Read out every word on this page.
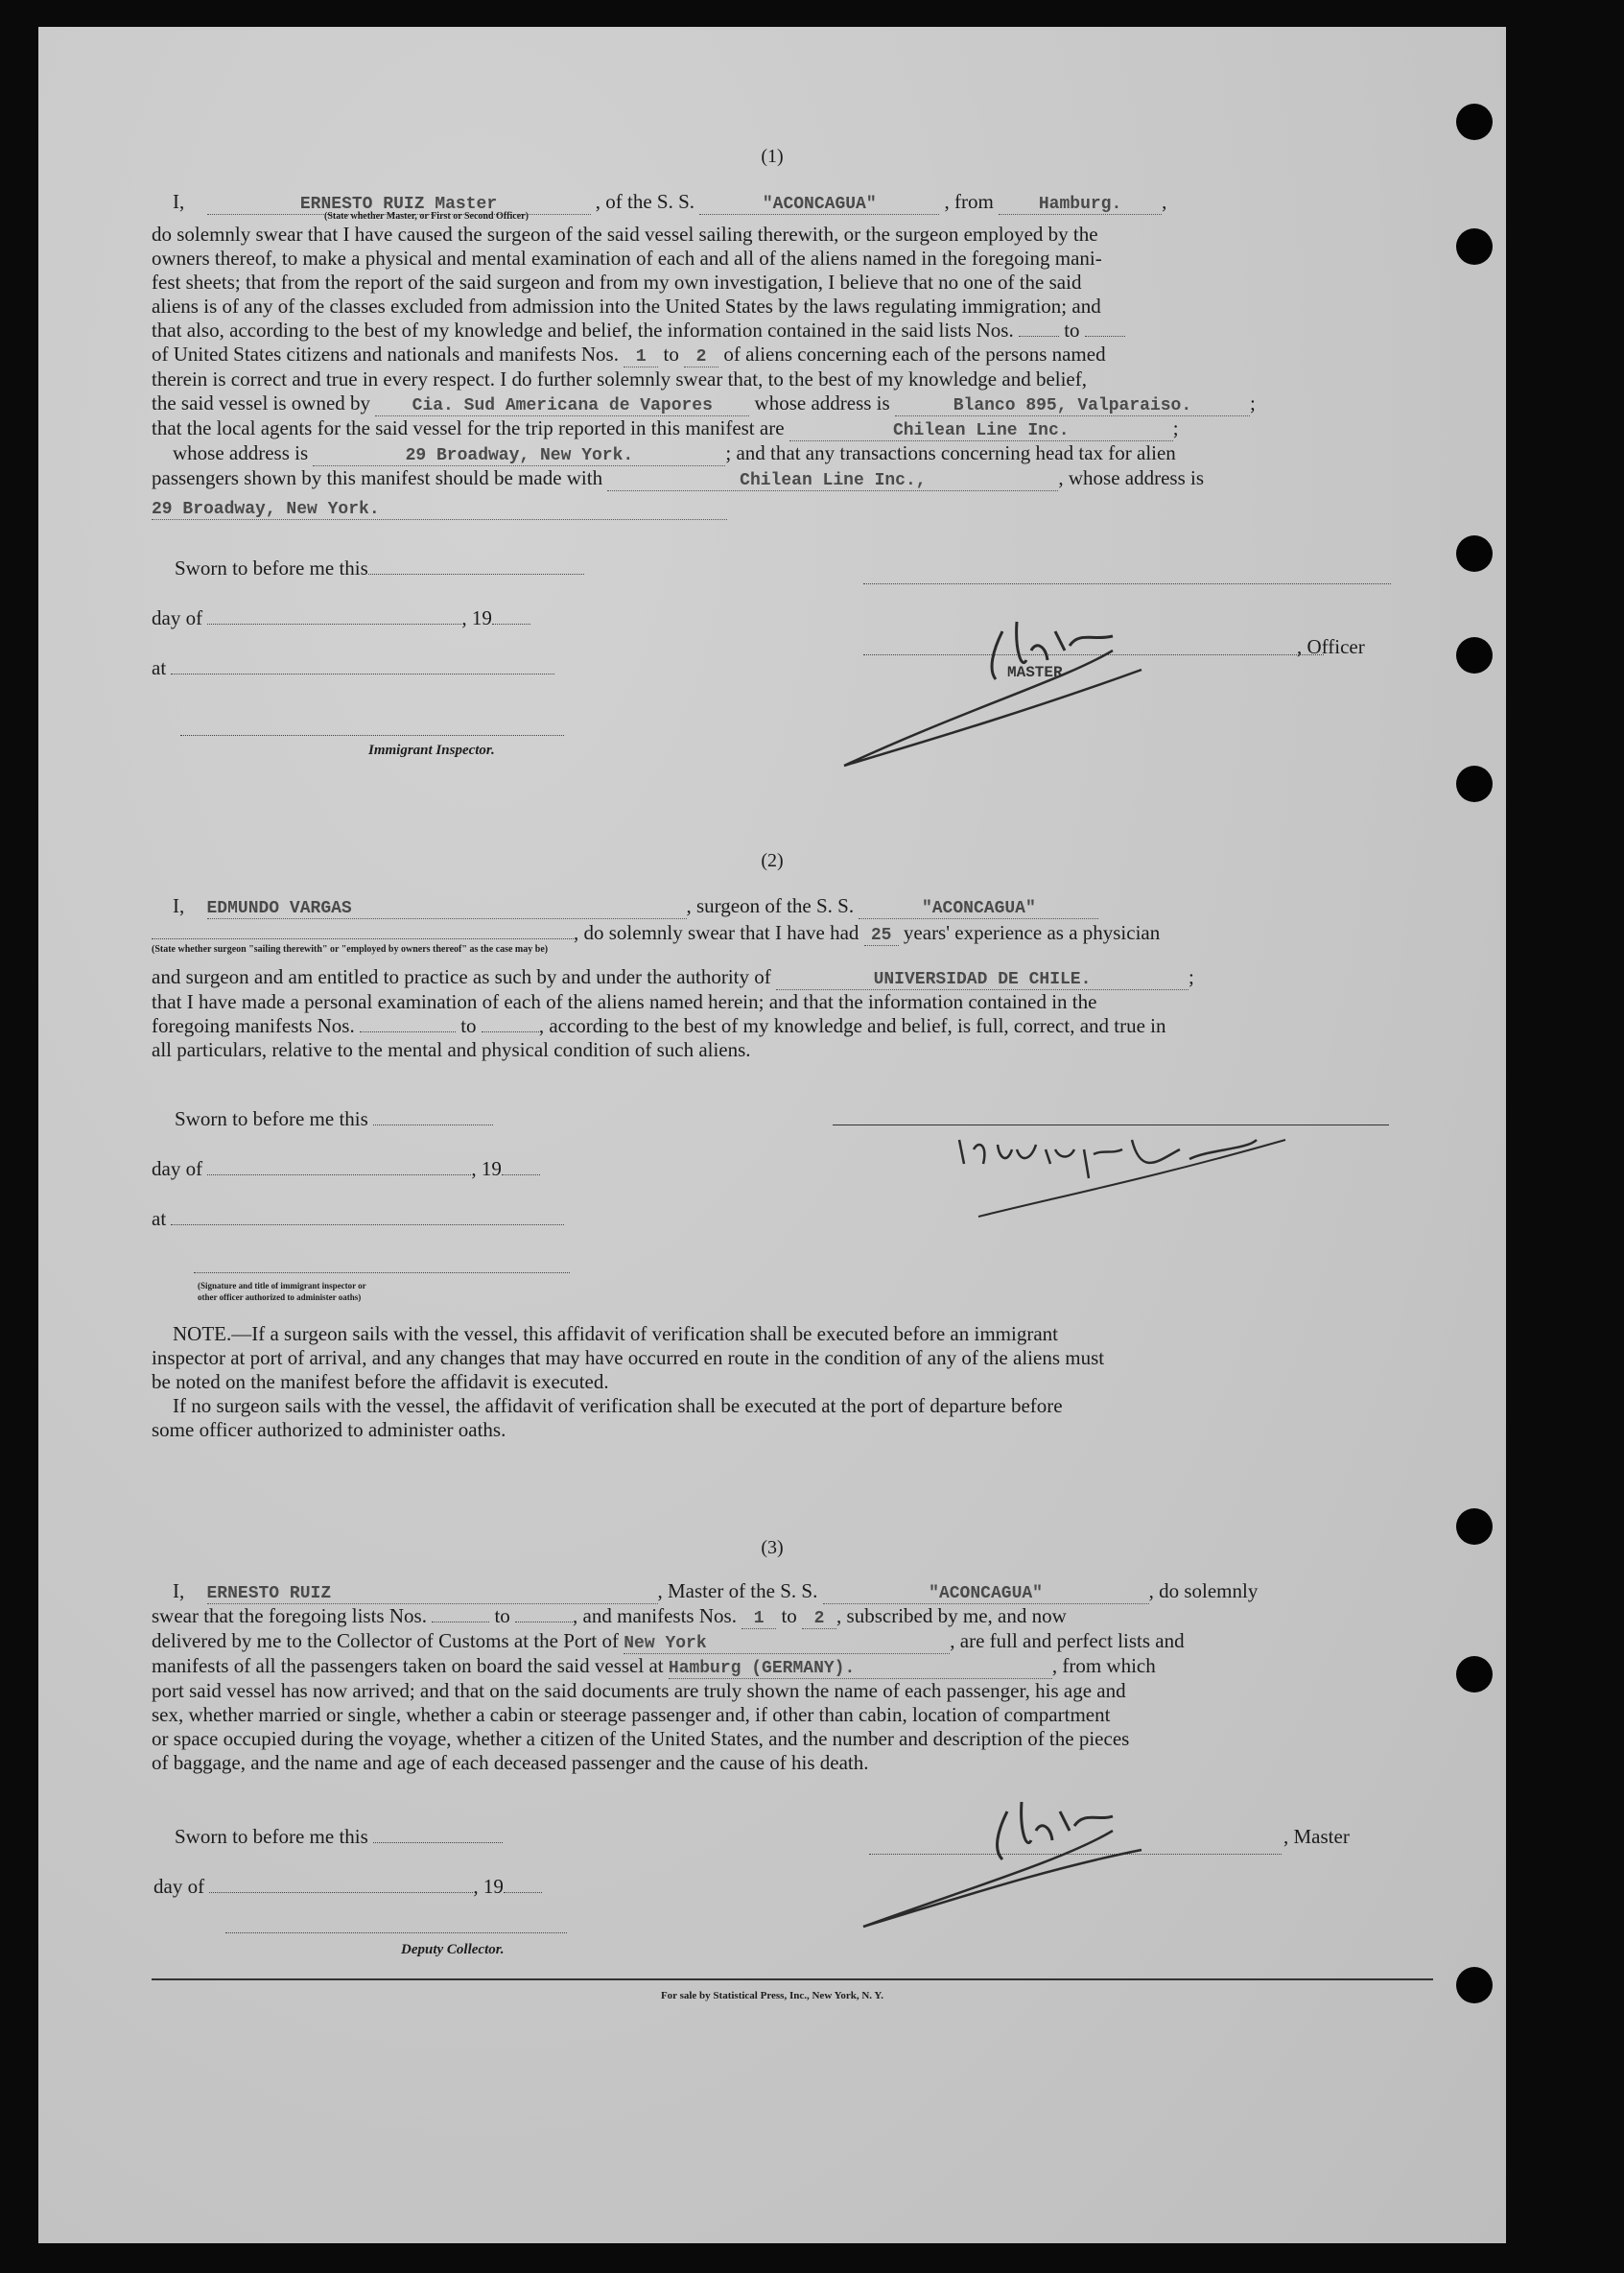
(1)

I,	ERNESTO RUIZ Master	, of the S. S.	"ACONCAGUA"	, from	Hamburg. ,

(State whether Master, or First or Second Officer)

do solemnly swear that I have caused the surgeon of the said vessel sailing therewith, or the surgeon employed by the

owners thereof, to make a physical and mental examination of each and all of the aliens named in the foregoing mani-

fest sheets; that from the report of the said surgeon and from my own investigation, I believe that no one of the said

aliens is of any of the classes excluded from admission into the United States by the laws regulating immigration; and

that also, according to the best of my knowledge and belief, the information contained in the said lists Nos.	to

of United States citizens and nationals and manifests Nos. 1 to 2 of aliens concerning each of the persons named

therein is correct and true in every respect. I do further solemnly swear that, to the best of my knowledge and belief,

the said vessel is owned by Cia. Sud Americana de Vapores whose address is	Blanco 895, Valparaiso.	;

that the local agents for the said vessel for the trip reported in this manifest are	Chilean Line Inc.	;

whose address is	29 Broadway, New York.	; and that any transactions concerning head tax for alien

passengers shown by this manifest should be made with	Chilean Line Inc.,	, whose address is

29 Broadway, New York.

Sworn to before me this
day of	, 19
at
Immigrant Inspector.
, Officer
MASTER
(2)

I, EDMUNDO VARGAS	, surgeon of the S. S.	"ACONCAGUA"

, do solemnly swear that I have had 25 years' experience as a physician

(State whether surgeon "sailing therewith" or "employed by owners thereof" as the case may be)

and surgeon and am entitled to practice as such by and under the authority of	UNIVERSIDAD DE CHILE.	;

that I have made a personal examination of each of the aliens named herein; and that the information contained in the

foregoing manifests Nos.	to	, according to the best of my knowledge and belief, is full, correct, and true in

all particulars, relative to the mental and physical condition of such aliens.

Sworn to before me this
day of	, 19
at
(Signature and title of immigrant inspector or
other officer authorized to administer oaths)

NOTE.—If a surgeon sails with the vessel, this affidavit of verification shall be executed before an immigrant

inspector at port of arrival, and any changes that may have occurred en route in the condition of any of the aliens must

be noted on the manifest before the affidavit is executed.

If no surgeon sails with the vessel, the affidavit of verification shall be executed at the port of departure before

some officer authorized to administer oaths.

(3)

I, ERNESTO RUIZ	, Master of the S. S.	"ACONCAGUA"	, do solemnly

swear that the foregoing lists Nos.	to	, and manifests Nos. 1 to 2 , subscribed by me, and now

delivered by me to the Collector of Customs at the Port of New York	, are full and perfect lists and

manifests of all the passengers taken on board the said vessel at Hamburg (GERMANY).	, from which

port said vessel has now arrived; and that on the said documents are truly shown the name of each passenger, his age and

sex, whether married or single, whether a cabin or steerage passenger and, if other than cabin, location of compartment

or space occupied during the voyage, whether a citizen of the United States, and the number and description of the pieces

of baggage, and the name and age of each deceased passenger and the cause of his death.

Sworn to before me this
day of	, 19
Deputy Collector.
, Master
For sale by Statistical Press, Inc., New York, N. Y.
